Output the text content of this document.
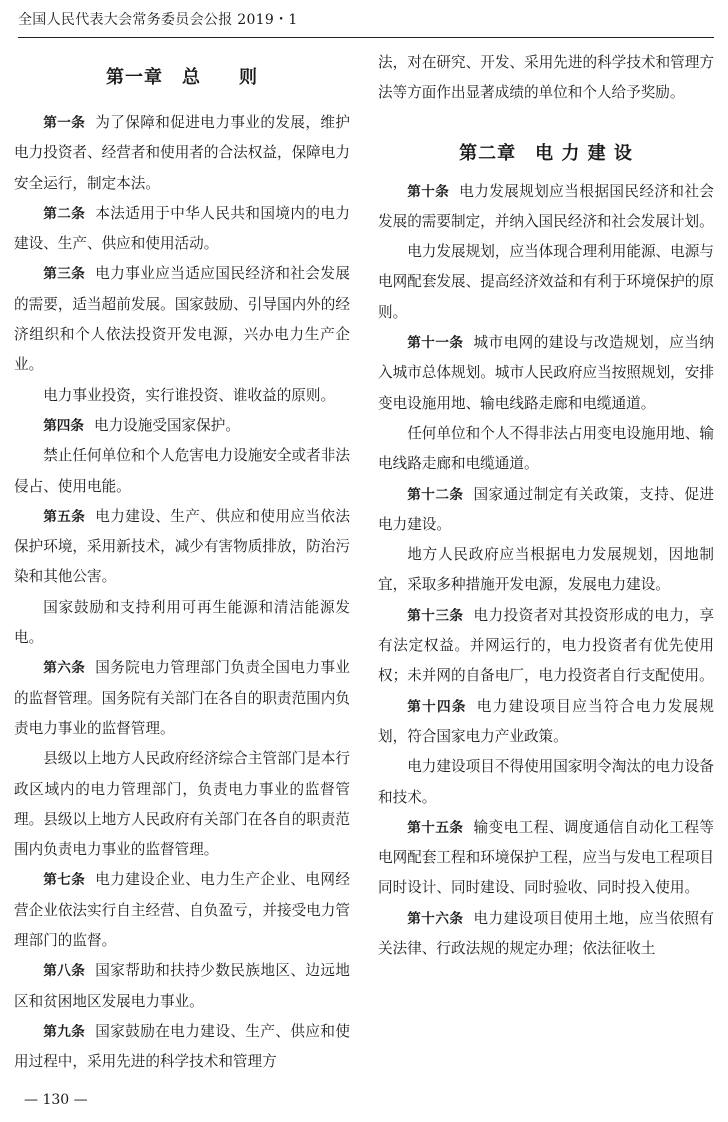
全国人民代表大会常务委员会公报 2019・1
第一章　总　　则

第一条 为了保障和促进电力事业的发展，维护电力投资者、经营者和使用者的合法权益，保障电力安全运行，制定本法。

第二条 本法适用于中华人民共和国境内的电力建设、生产、供应和使用活动。

第三条 电力事业应当适应国民经济和社会发展的需要，适当超前发展。国家鼓励、引导国内外的经济组织和个人依法投资开发电源，兴办电力生产企业。

电力事业投资，实行谁投资、谁收益的原则。

第四条 电力设施受国家保护。

禁止任何单位和个人危害电力设施安全或者非法侵占、使用电能。

第五条 电力建设、生产、供应和使用应当依法保护环境，采用新技术，减少有害物质排放，防治污染和其他公害。

国家鼓励和支持利用可再生能源和清洁能源发电。

第六条 国务院电力管理部门负责全国电力事业的监督管理。国务院有关部门在各自的职责范围内负责电力事业的监督管理。

县级以上地方人民政府经济综合主管部门是本行政区域内的电力管理部门，负责电力事业的监督管理。县级以上地方人民政府有关部门在各自的职责范围内负责电力事业的监督管理。

第七条 电力建设企业、电力生产企业、电网经营企业依法实行自主经营、自负盈亏，并接受电力管理部门的监督。

第八条 国家帮助和扶持少数民族地区、边远地区和贫困地区发展电力事业。

第九条 国家鼓励在电力建设、生产、供应和使用过程中，采用先进的科学技术和管理方

法，对在研究、开发、采用先进的科学技术和管理方法等方面作出显著成绩的单位和个人给予奖励。

第二章　电 力 建 设

第十条 电力发展规划应当根据国民经济和社会发展的需要制定，并纳入国民经济和社会发展计划。

电力发展规划，应当体现合理利用能源、电源与电网配套发展、提高经济效益和有利于环境保护的原则。

第十一条 城市电网的建设与改造规划，应当纳入城市总体规划。城市人民政府应当按照规划，安排变电设施用地、输电线路走廊和电缆通道。

任何单位和个人不得非法占用变电设施用地、输电线路走廊和电缆通道。

第十二条 国家通过制定有关政策，支持、促进电力建设。

地方人民政府应当根据电力发展规划，因地制宜，采取多种措施开发电源，发展电力建设。

第十三条 电力投资者对其投资形成的电力，享有法定权益。并网运行的，电力投资者有优先使用权；未并网的自备电厂，电力投资者自行支配使用。

第十四条 电力建设项目应当符合电力发展规划，符合国家电力产业政策。

电力建设项目不得使用国家明令淘汰的电力设备和技术。

第十五条 输变电工程、调度通信自动化工程等电网配套工程和环境保护工程，应当与发电工程项目同时设计、同时建设、同时验收、同时投入使用。

第十六条 电力建设项目使用土地，应当依照有关法律、行政法规的规定办理；依法征收土

— 130 —
